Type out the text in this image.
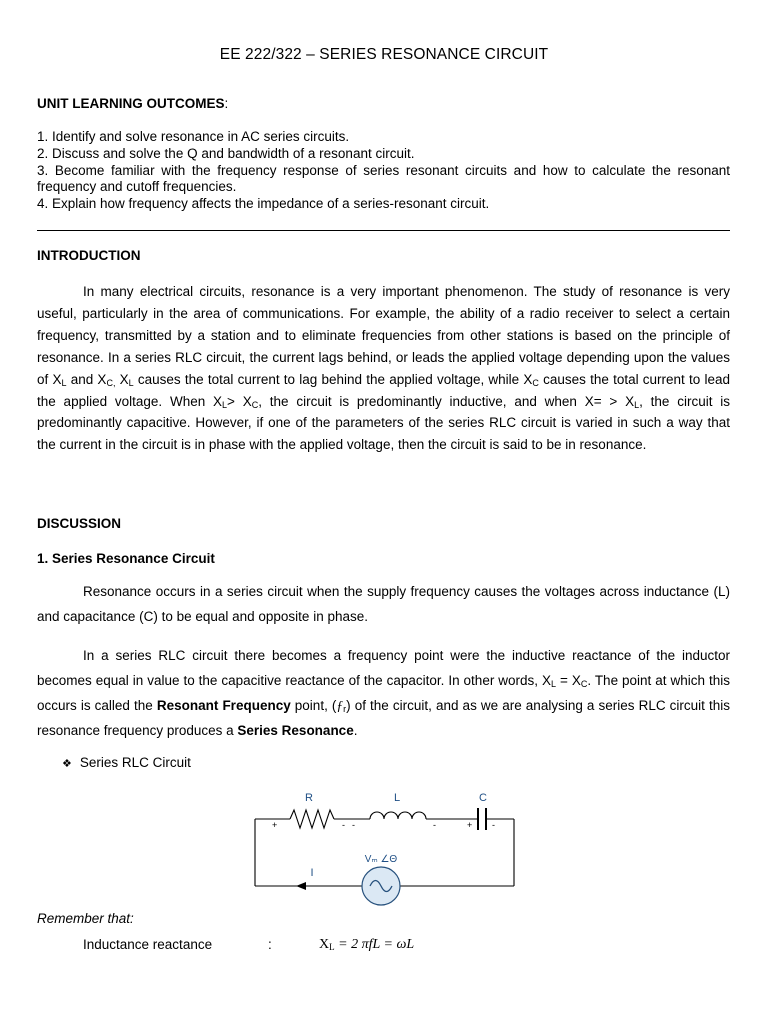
EE 222/322 – SERIES RESONANCE CIRCUIT
UNIT LEARNING OUTCOMES:
1. Identify and solve resonance in AC series circuits.
2. Discuss and solve the Q and bandwidth of a resonant circuit.
3. Become familiar with the frequency response of series resonant circuits and how to calculate the resonant frequency and cutoff frequencies.
4. Explain how frequency affects the impedance of a series-resonant circuit.
INTRODUCTION
In many electrical circuits, resonance is a very important phenomenon. The study of resonance is very useful, particularly in the area of communications. For example, the ability of a radio receiver to select a certain frequency, transmitted by a station and to eliminate frequencies from other stations is based on the principle of resonance. In a series RLC circuit, the current lags behind, or leads the applied voltage depending upon the values of $X_L$ and $X_{C,}$ $X_L$ causes the total current to lag behind the applied voltage, while $X_C$ causes the total current to lead the applied voltage. When $X_L> X_C$, the circuit is predominantly inductive, and when $X= > X_L$, the circuit is predominantly capacitive. However, if one of the parameters of the series RLC circuit is varied in such a way that the current in the circuit is in phase with the applied voltage, then the circuit is said to be in resonance.
DISCUSSION
1. Series Resonance Circuit
Resonance occurs in a series circuit when the supply frequency causes the voltages across inductance (L) and capacitance (C) to be equal and opposite in phase.
In a series RLC circuit there becomes a frequency point were the inductive reactance of the inductor becomes equal in value to the capacitive reactance of the capacitor. In other words, $X_L = X_C$. The point at which this occurs is called the Resonant Frequency point, $(ƒ_r)$ of the circuit, and as we are analysing a series RLC circuit this resonance frequency produces a Series Resonance.
❖ Series RLC Circuit
R	L	C
I
Vₘ ∠Θ
+	- -	-	+ -
Remember that:
Inductance reactance	:	$X_L = 2$ πfL = ωL
